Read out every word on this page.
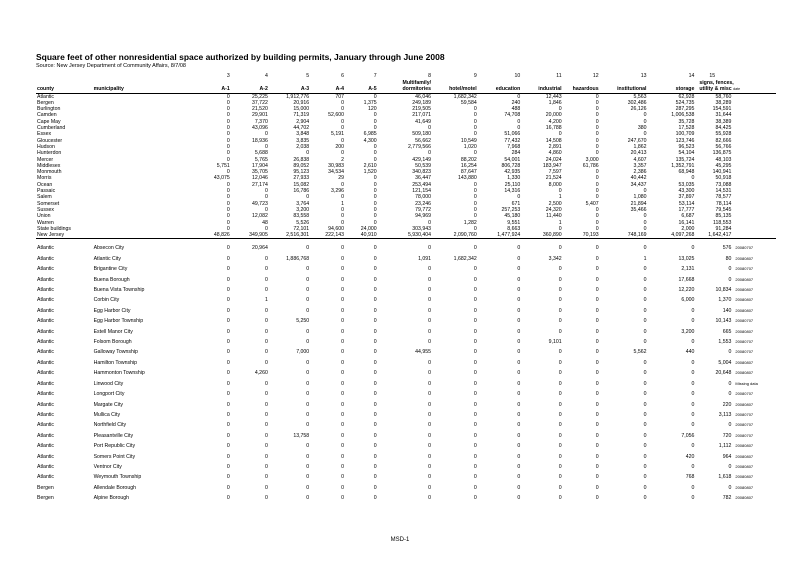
Square feet of other nonresidential space authorized by building permits, January through June 2008
Source: New Jersey Department of Community Affairs, 8/7/08
		3	4	5	6	7	8	9	10	11	12	13	14	15	
							Multifamily/							signs, fences,	
county	municipality	A-1	A-2	A-3	A-4	A-5	dormitories	hotel/motel	education	industrial	hazardous	institutional	storage	utility & misc date	
Atlantic		0	25,225	1,912,776	707	0	46,046	1,682,342	0	12,443	0	5,563	62,928	58,760	
Bergen		0	37,722	20,916	0	1,375	249,189	59,584	240	1,846	0	302,486	524,735	38,289	
Burlington		0	21,520	15,000	0	120	219,505	0	488	0	0	26,126	287,295	154,591	
Camden		0	29,901	71,319	52,600	0	217,071	0	74,708	20,000	0	0	1,006,538	31,644	
Cape May		0	7,370	2,904	0	0	41,649	0	0	4,200	0	0	35,728	38,389	
Cumberland		0	43,096	44,702	0	0	0	0	0	16,788	0	380	17,528	84,425	
Essex		0	0	3,848	5,191	6,985	509,180	0	51,066	0	0	0	100,709	55,928	
Gloucester		0	18,936	3,835	0	4,300	56,662	10,549	77,432	14,508	0	247,670	123,746	82,666	
Hudson		0	0	2,038	200	0	2,779,566	1,020	7,968	2,891	0	1,862	96,523	56,766	
Hunterdon		0	5,688	0	0	0	0	0	284	4,860	0	20,413	54,104	136,875	
Mercer		0	5,765	26,838	2	0	429,149	88,202	54,001	24,024	3,000	4,607	135,724	48,103	
Middlesex		5,751	17,904	89,052	30,983	2,610	50,539	16,254	806,728	183,947	61,786	3,357	1,352,791	45,295	
Monmouth		0	35,705	95,123	34,534	1,520	340,823	87,647	42,935	7,597	0	2,386	68,948	140,941	
Morris		43,075	12,046	27,933	29	0	36,447	143,880	1,330	21,524	0	40,442	0	50,918	
Ocean		0	27,174	15,082	0	0	253,494	0	25,110	8,000	0	34,437	53,035	73,088	
Passaic		0	0	16,786	3,296	0	121,154	0	14,316	0	0	0	43,300	14,531	
Salem		0	0	0	0	0	78,000	0	0	1	0	1,080	37,897	78,577	
Somerset		0	49,723	3,764	1	0	23,246	0	671	2,500	5,407	21,894	53,114	78,114	
Sussex		0	0	3,200	0	0	79,772	0	257,253	24,320	0	35,466	17,777	79,545	
Union		0	12,082	83,558	0	0	94,969	0	45,180	11,440	0	0	6,687	85,135	
Warren		0	48	5,526	0	0	0	1,282	9,551	1	0	0	16,141	118,553	
State buildings		0	0	72,101	94,600	24,000	303,943	0	8,663	0	0	0	2,000	91,284	
New Jersey		48,826	349,905	2,516,301	222,143	40,910	5,930,404	2,090,760	1,477,924	360,890	70,193	748,169	4,097,268	1,642,417	

Atlantic	Absecon City	0	20,964	0	0	0	0	0	0	0	0	0	0	576	20080707
Atlantic	Atlantic City	0	0	1,886,768	0	0	1,091	1,682,342	0	3,342	0	1	13,025	80	20080807
Atlantic	Brigantine City	0	0	0	0	0	0	0	0	0	0	0	2,131	0	20080707
Atlantic	Buena Borough	0	0	0	0	0	0	0	0	0	0	0	17,668	0	20080807
Atlantic	Buena Vista Township	0	0	0	0	0	0	0	0	0	0	0	12,220	10,834	20080807
Atlantic	Corbin City	0	1	0	0	0	0	0	0	0	0	0	6,000	1,370	20080807
Atlantic	Egg Harbor City	0	0	0	0	0	0	0	0	0	0	0	0	140	20080807
Atlantic	Egg Harbor Township	0	0	5,250	0	0	0	0	0	0	0	0	0	10,143	20080707
Atlantic	Estell Manor City	0	0	0	0	0	0	0	0	0	0	0	3,200	665	20080807
Atlantic	Folsom Borough	0	0	0	0	0	0	0	0	9,101	0	0	0	1,553	20080707
Atlantic	Galloway Township	0	0	7,000	0	0	44,955	0	0	0	0	5,562	440	0	20080707
Atlantic	Hamilton Township	0	0	0	0	0	0	0	0	0	0	0	0	5,004	20080807
Atlantic	Hammonton Township	0	4,260	0	0	0	0	0	0	0	0	0	0	20,648	20080807
Atlantic	Linwood City	0	0	0	0	0	0	0	0	0	0	0	0	0	Missing data
Atlantic	Longport City	0	0	0	0	0	0	0	0	0	0	0	0	0	20080707
Atlantic	Margate City	0	0	0	0	0	0	0	0	0	0	0	0	220	20080807
Atlantic	Mullica City	0	0	0	0	0	0	0	0	0	0	0	0	3,113	20080707
Atlantic	Northfield City	0	0	0	0	0	0	0	0	0	0	0	0	0	20080707
Atlantic	Pleasantville City	0	0	13,758	0	0	0	0	0	0	0	0	7,056	720	20080707
Atlantic	Port Republic City	0	0	0	0	0	0	0	0	0	0	0	0	1,112	20080807
Atlantic	Somers Point City	0	0	0	0	0	0	0	0	0	0	0	420	964	20080807
Atlantic	Ventnor City	0	0	0	0	0	0	0	0	0	0	0	0	0	20080807
Atlantic	Weymouth Township	0	0	0	0	0	0	0	0	0	0	0	768	1,618	20080807
Bergen	Allendale Borough	0	0	0	0	0	0	0	0	0	0	0	0	0	20080807
Bergen	Alpine Borough	0	0	0	0	0	0	0	0	0	0	0	0	782	20080807
MSD-1
